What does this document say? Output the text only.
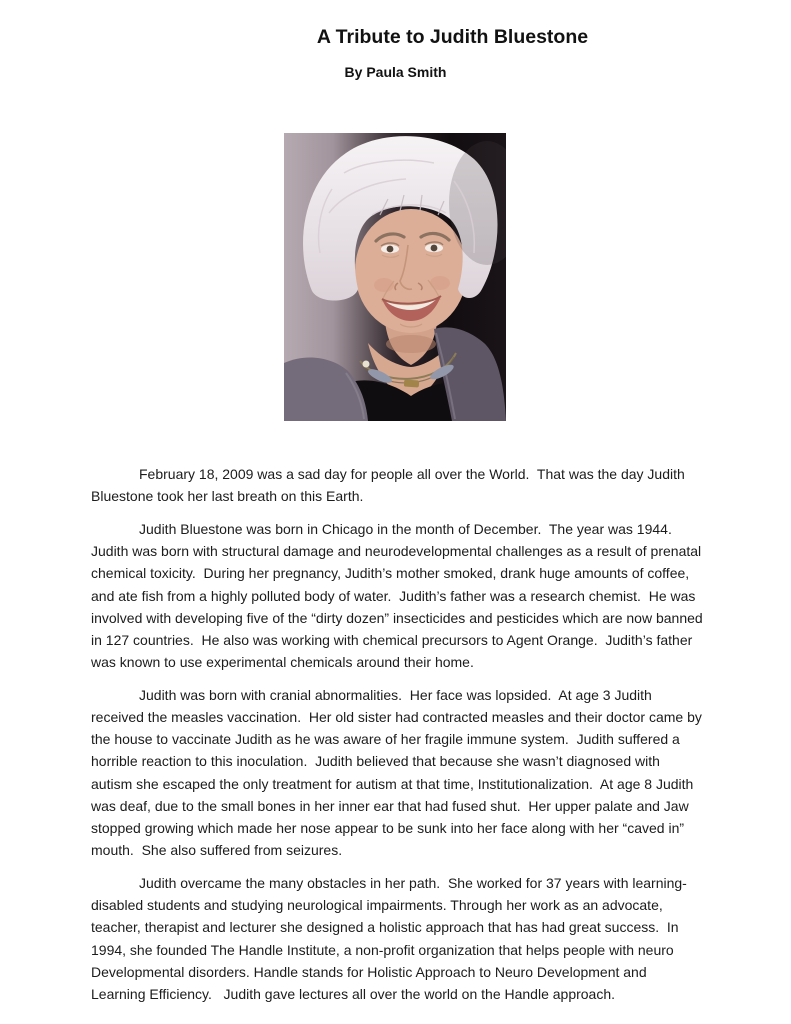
A Tribute to Judith Bluestone
By Paula Smith

February 18, 2009 was a sad day for people all over the World.  That was the day Judith Bluestone took her last breath on this Earth.

Judith Bluestone was born in Chicago in the month of December.  The year was 1944.  Judith was born with structural damage and neurodevelopmental challenges as a result of prenatal chemical toxicity.  During her pregnancy, Judith’s mother smoked, drank huge amounts of coffee, and ate fish from a highly polluted body of water.  Judith’s father was a research chemist.  He was involved with developing five of the “dirty dozen” insecticides and pesticides which are now banned in 127 countries.  He also was working with chemical precursors to Agent Orange.  Judith’s father was known to use experimental chemicals around their home.

Judith was born with cranial abnormalities.  Her face was lopsided.  At age 3 Judith received the measles vaccination.  Her old sister had contracted measles and their doctor came by the house to vaccinate Judith as he was aware of her fragile immune system.  Judith suffered a horrible reaction to this inoculation.  Judith believed that because she wasn’t diagnosed with autism she escaped the only treatment for autism at that time, Institutionalization.  At age 8 Judith was deaf, due to the small bones in her inner ear that had fused shut.  Her upper palate and Jaw stopped growing which made her nose appear to be sunk into her face along with her “caved in” mouth.  She also suffered from seizures.

Judith overcame the many obstacles in her path.  She worked for 37 years with learning-disabled students and studying neurological impairments. Through her work as an advocate, teacher, therapist and lecturer she designed a holistic approach that has had great success.  In 1994, she founded The Handle Institute, a non-profit organization that helps people with neuro Developmental disorders. Handle stands for Holistic Approach to Neuro Development and Learning Efficiency.   Judith gave lectures all over the world on the Handle approach.
